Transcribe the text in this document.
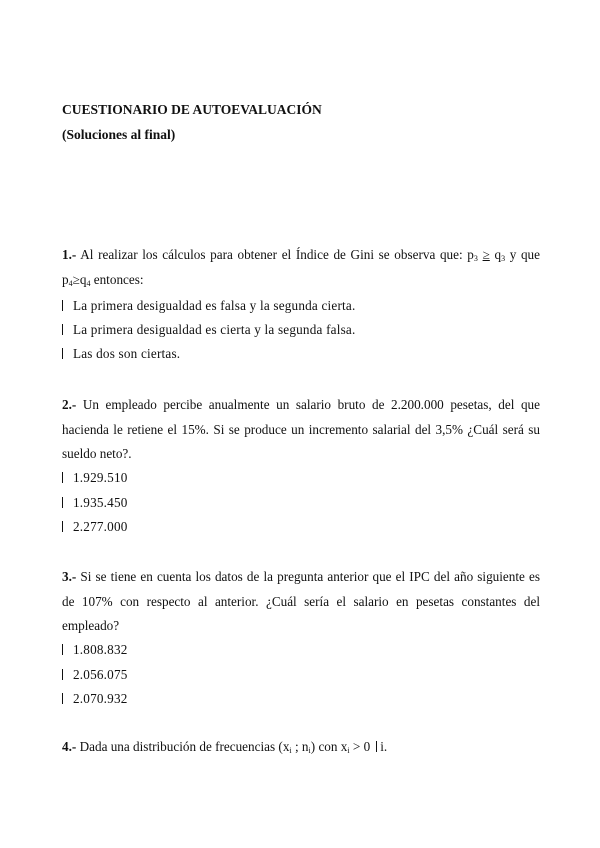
CUESTIONARIO DE AUTOEVALUACIÓN
(Soluciones al final)
1.- Al realizar los cálculos para obtener el Índice de Gini se observa que: $p_3 \ge q_3$ y que $p_4\ge q_4$ entonces:
La primera desigualdad es falsa y la segunda cierta.
La primera desigualdad es cierta y la segunda falsa.
Las dos son ciertas.
2.- Un empleado percibe anualmente un salario bruto de 2.200.000 pesetas, del que hacienda le retiene el 15%. Si se produce un incremento salarial del 3,5% ¿Cuál será su sueldo neto?.
1.929.510
1.935.450
2.277.000
3.- Si se tiene en cuenta los datos de la pregunta anterior que el IPC del año siguiente es de 107% con respecto al anterior. ¿Cuál sería el salario en pesetas constantes del empleado?
1.808.832
2.056.075
2.070.932
4.- Dada una distribución de frecuencias ($x_i$ ; $n_i$) con $x_i > 0$ i.
